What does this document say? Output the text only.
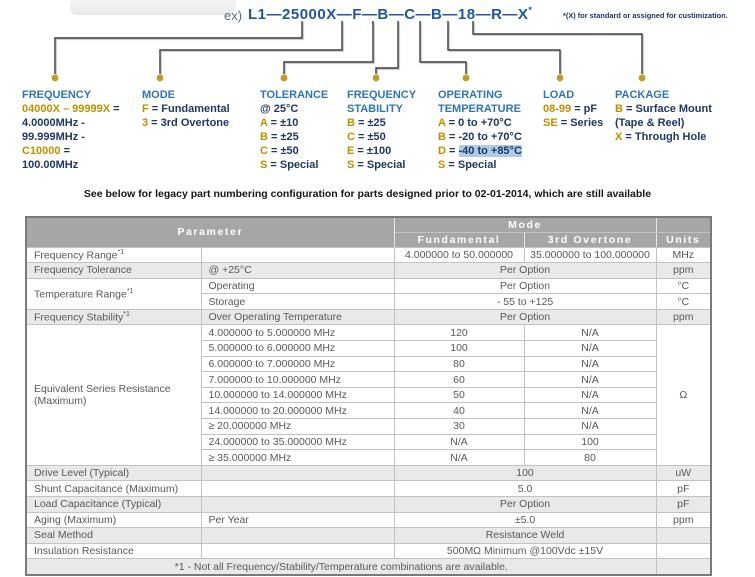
ex) L1—25000X—F—B—C—B—18—R—X*
*(X) for standard or assigned for custimization.
FREQUENCY
04000X – 99999X =
4.0000MHz -
99.999MHz -
C10000 =
100.00MHz
MODE
F = Fundamental
3 = 3rd Overtone
TOLERANCE
@ 25°C
A = ±10
B = ±25
C = ±50
S = Special
FREQUENCY
STABILITY
B = ±25
C = ±50
E = ±100
S = Special
OPERATING
TEMPERATURE
A = 0 to +70°C
B = -20 to +70°C
D = -40 to +85°C
S = Special
LOAD
08-99 = pF
SE = Series
PACKAGE
B = Surface Mount
(Tape & Reel)
X = Through Hole
See below for legacy part numbering configuration for parts designed prior to 02-01-2014, which are still available
Parameter		Mode		
		Fundamental	3rd Overtone	Units
Frequency Range$^{*1}$		4.000000 to 50.000000	35.000000 to 100.000000	MHz
Frequency Tolerance	@ +25°C	Per Option		ppm
Temperature Range$^{*1}$	Operating	Per Option		°C
	Storage	- 55 to +125		°C
Frequency Stability$^{*1}$	Over Operating Temperature	Per Option		ppm
Equivalent Series Resistance (Maximum)	4.000000 to 5.000000 MHz	120	N/A	Ω
	5.000000 to 6.000000 MHz	100	N/A	
	6.000000 to 7.000000 MHz	80	N/A	
	7.000000 to 10.000000 MHz	60	N/A	
	10.000000 to 14.000000 MHz	50	N/A	
	14.000000 to 20.000000 MHz	40	N/A	
	≥ 20.000000 MHz	30	N/A	
	24.000000 to 35.000000 MHz	N/A	100	
	≥ 35.000000 MHz	N/A	80	
Drive Level (Typical)		100		uW
Shunt Capacitance (Maximum)		5.0		pF
Load Capacitance (Typical)		Per Option		pF
Aging (Maximum)	Per Year	±5.0		ppm
Seal Method		Resistance Weld		
Insulation Resistance		500MΩ Minimum @100Vdc ±15V		
*1 - Not all Frequency/Stability/Temperature combinations are available.				
